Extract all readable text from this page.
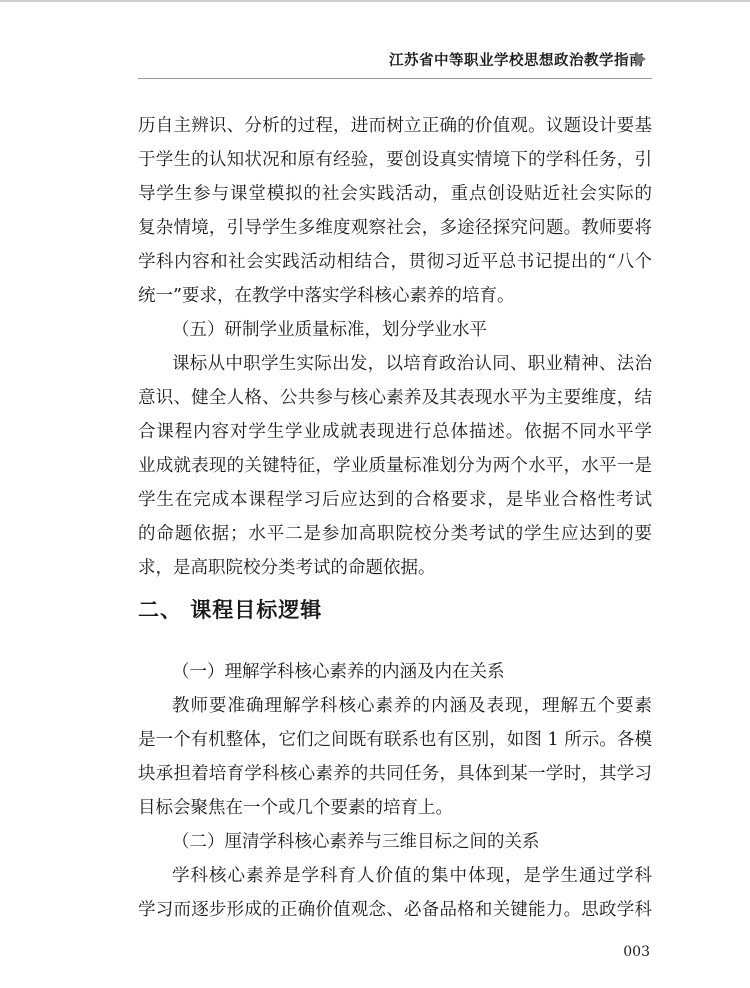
江苏省中等职业学校思想政治教学指南
历自主辨识、分析的过程，进而树立正确的价值观。议题设计要基
于学生的认知状况和原有经验，要创设真实情境下的学科任务，引
导学生参与课堂模拟的社会实践活动，重点创设贴近社会实际的
复杂情境，引导学生多维度观察社会，多途径探究问题。教师要将
学科内容和社会实践活动相结合，贯彻习近平总书记提出的“八个
统一”要求，在教学中落实学科核心素养的培育。
（五）研制学业质量标准，划分学业水平
课标从中职学生实际出发，以培育政治认同、职业精神、法治
意识、健全人格、公共参与核心素养及其表现水平为主要维度，结
合课程内容对学生学业成就表现进行总体描述。依据不同水平学
业成就表现的关键特征，学业质量标准划分为两个水平，水平一是
学生在完成本课程学习后应达到的合格要求，是毕业合格性考试
的命题依据；水平二是参加高职院校分类考试的学生应达到的要
求，是高职院校分类考试的命题依据。
二、 课程目标逻辑
（一）理解学科核心素养的内涵及内在关系
教师要准确理解学科核心素养的内涵及表现，理解五个要素
是一个有机整体，它们之间既有联系也有区别，如图 1 所示。各模
块承担着培育学科核心素养的共同任务，具体到某一学时，其学习
目标会聚焦在一个或几个要素的培育上。
（二）厘清学科核心素养与三维目标之间的关系
学科核心素养是学科育人价值的集中体现，是学生通过学科
学习而逐步形成的正确价值观念、必备品格和关键能力。思政学科
003
